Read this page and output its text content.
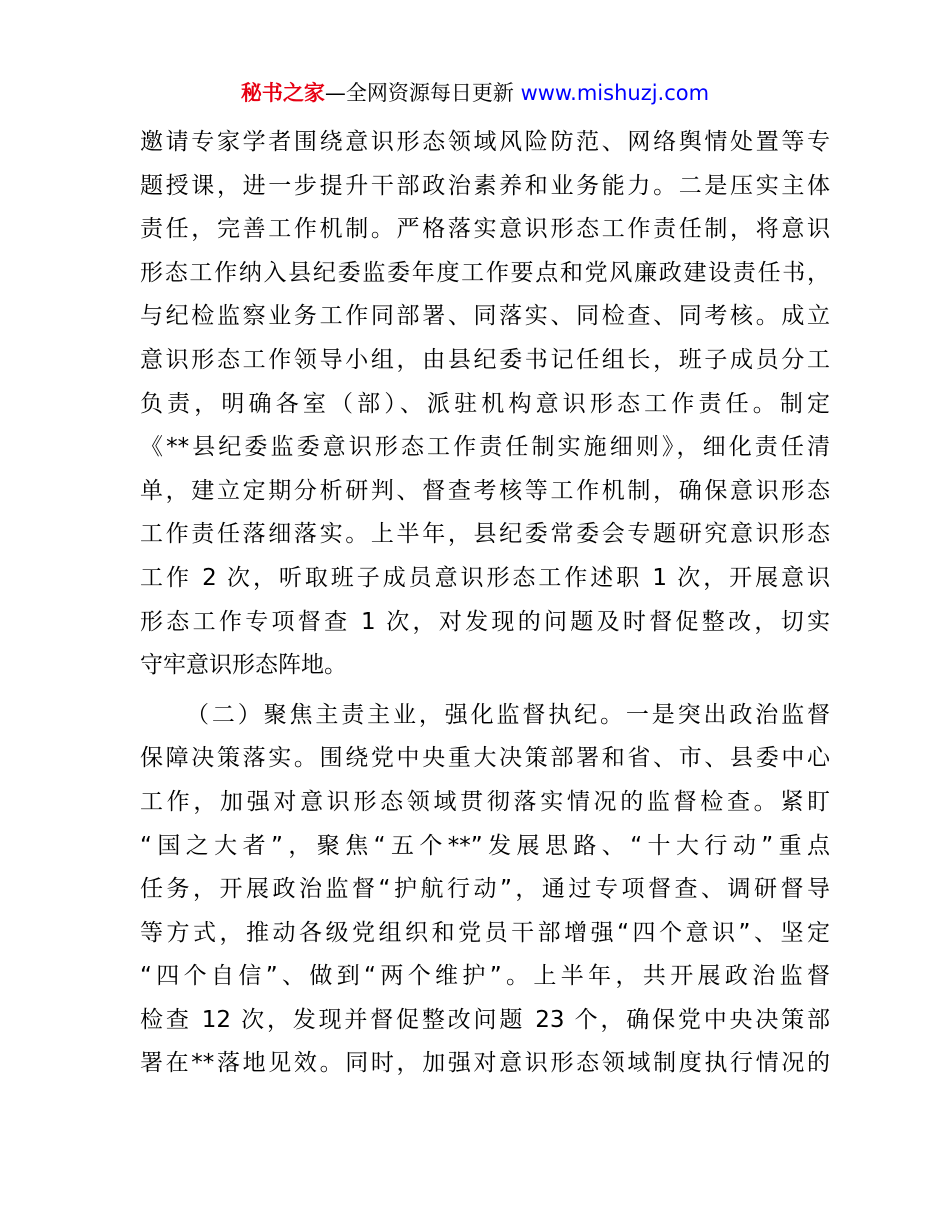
秘书之家—全网资源每日更新 www.mishuzj.com
邀请专家学者围绕意识形态领域风险防范、网络舆情处置等专
题授课，进一步提升干部政治素养和业务能力。二是压实主体
责任，完善工作机制。严格落实意识形态工作责任制，将意识
形态工作纳入县纪委监委年度工作要点和党风廉政建设责任书，
与纪检监察业务工作同部署、同落实、同检查、同考核。成立
意识形态工作领导小组，由县纪委书记任组长，班子成员分工
负责，明确各室（部）、派驻机构意识形态工作责任。制定
《**县纪委监委意识形态工作责任制实施细则》，细化责任清
单，建立定期分析研判、督查考核等工作机制，确保意识形态
工作责任落细落实。上半年，县纪委常委会专题研究意识形态
工作 2 次，听取班子成员意识形态工作述职 1 次，开展意识
形态工作专项督查 1 次，对发现的问题及时督促整改，切实
守牢意识形态阵地。
（二）聚焦主责主业，强化监督执纪。一是突出政治监督
保障决策落实。围绕党中央重大决策部署和省、市、县委中心
工作，加强对意识形态领域贯彻落实情况的监督检查。紧盯
“国之大者”，聚焦“五个**”发展思路、“十大行动”重点
任务，开展政治监督“护航行动”，通过专项督查、调研督导
等方式，推动各级党组织和党员干部增强“四个意识”、坚定
“四个自信”、做到“两个维护”。上半年，共开展政治监督
检查 12 次，发现并督促整改问题 23 个，确保党中央决策部
署在**落地见效。同时，加强对意识形态领域制度执行情况的
